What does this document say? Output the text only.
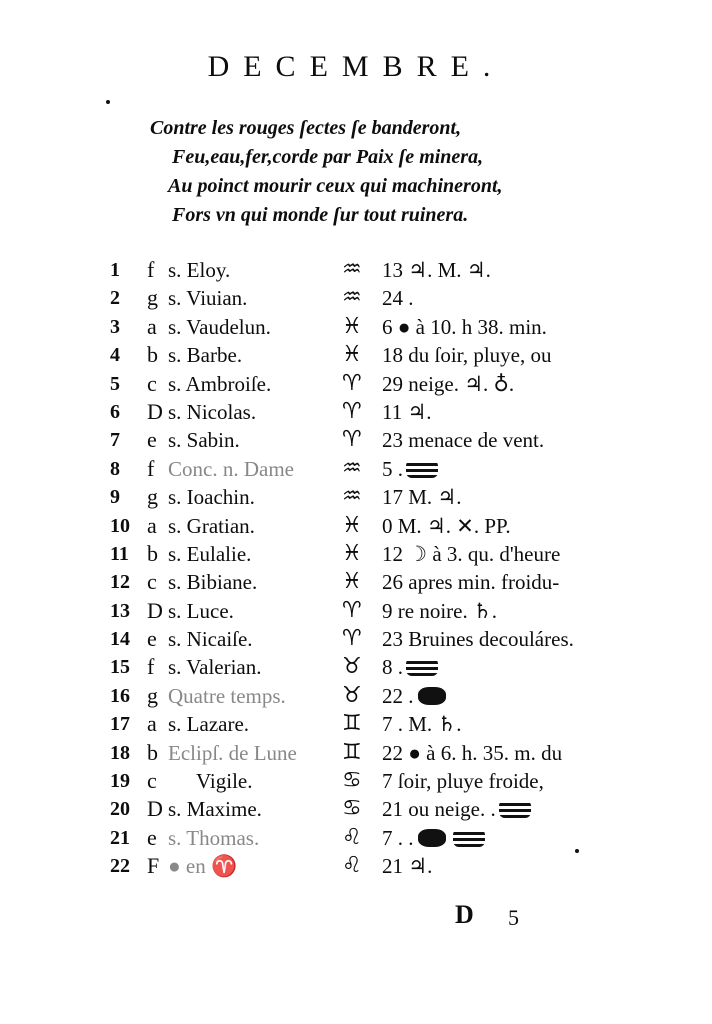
DECEMBRE.
Contre les rouges ſectes ſe banderont,
Feu,eau,fer,corde par Paix ſe minera,
Au poinct mourir ceux qui machineront,
Fors vn qui monde ſur tout ruinera.
1 f s. Eloy.	♒ 13 ♃. M. ♃.
2 g s. Viuian.	♒ 24 .
3 a s. Vaudelun.	♓ 6 ● à 10. h 38. min.
4 b s. Barbe.	♓ 18 du ſoir, pluye, ou
5 c s. Ambroiſe.	♈ 29 neige. ♃. ♁.
6 D s. Nicolas.	♈ 11 ♃.
7 e s. Sabin.	♈ 23 menace de vent.
8 f Conc. n. Dame ♒ 5 .
9 g s. Ioachin.	♒ 17 M. ♃.
10 a s. Gratian.	♓ 0 M. ♃. ✕. PP.
11 b s. Eulalie.	♓ 12 ☽ à 3. qu. d'heure
12 c s. Bibiane.	♓ 26 apres min. froidu-
13 D s. Luce.	♈ 9 re noire. ♄.
14 e s. Nicaiſe.	♈ 23 Bruines decouláres.
15 f s. Valerian.	♉ 8 .
16 g Quatre temps.	♉ 22 .
17 a s. Lazare.	♊ 7 . M. ♄.
18 b Eclipſ. de Lune ♊ 22 ● à 6. h. 35. m. du
19 c Vigile.	♋ 7 ſoir, pluye froide,
20 D s. Maxime.	♋ 21 ou neige. .
21 e s. Thomas.	♌ 7 . .
22 F ● en ♈	♌ 21 ♃.
D 5
